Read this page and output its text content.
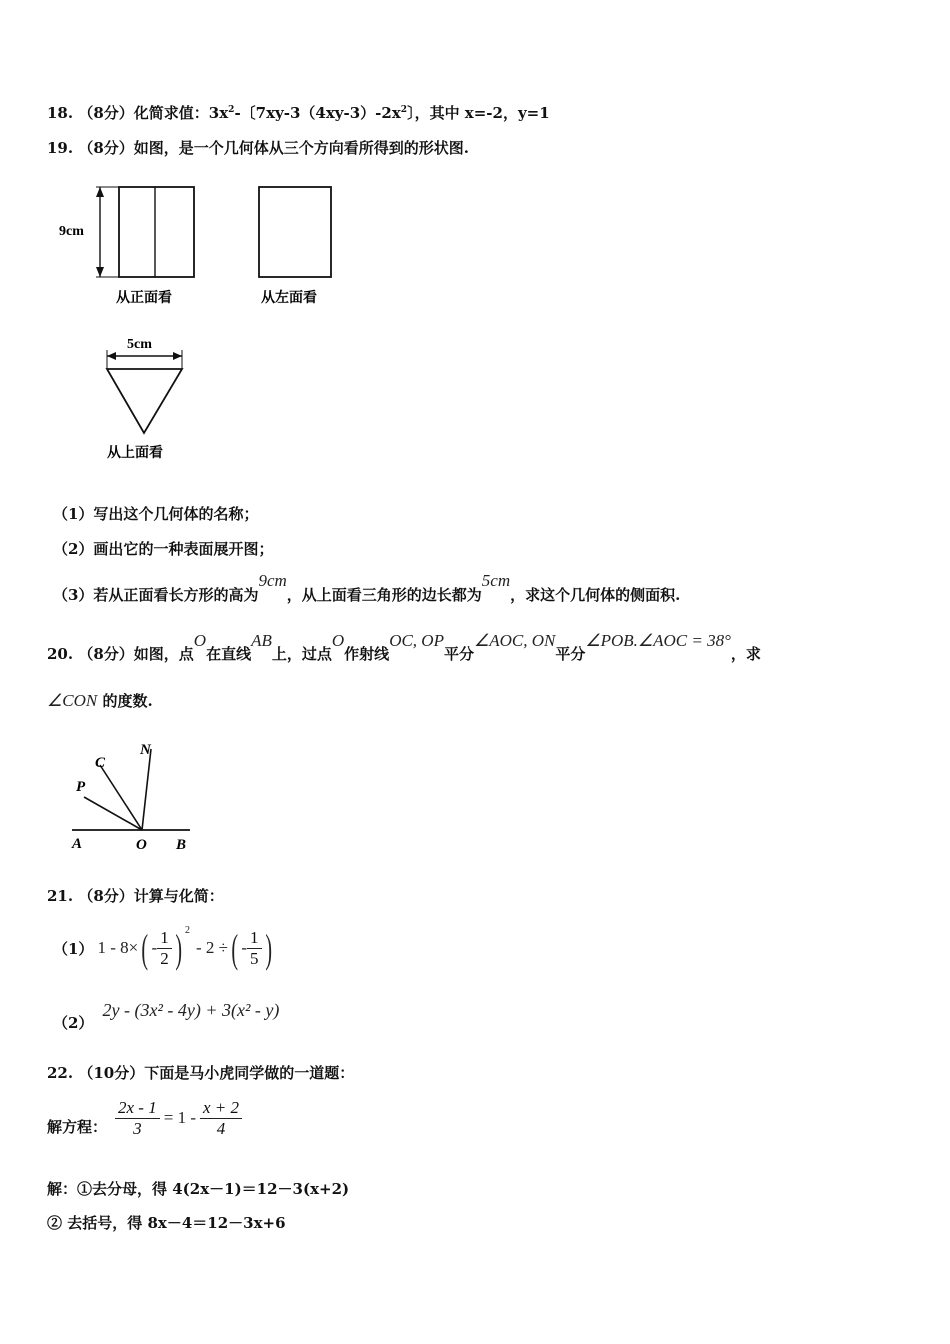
18. （8分）化简求值：$3x^2-$〔$7xy-3(4xy-3)-2x^2$〕，其中 x=-2，y=1
19. （8分）如图，是一个几何体从三个方向看所得到的形状图.
9cm
从正面看	从左面看
5cm
从上面看
（1）写出这个几何体的名称；
（2）画出它的一种表面展开图；
（3）若从正面看长方形的高为9cm，从上面看三角形的边长都为5cm，求这个几何体的侧面积.
20. （8分）如图，点O在直线AB上，过点O作射线OC, OP平分∠AOC, ON平分∠POB.∠AOC = 38°，求
∠CON 的度数.
N
C
P
A	O B
21. （8分）计算与化简：
（1） 1 - 8× ( - $\frac{1}{2}$ ) 2
- 2 ÷ ( - $\frac{1}{5}$ )
（2） 2y - (3x² - 4y) + 3(x² - y)
22. （10分）下面是马小虎同学做的一道题：
解方程： $\frac{2x - 1}{3} = 1 - \frac{x + 2}{4}$
解：①去分母，得 4(2x－1)＝12－3(x+2)
② 去括号，得 8x－4＝12－3x+6
